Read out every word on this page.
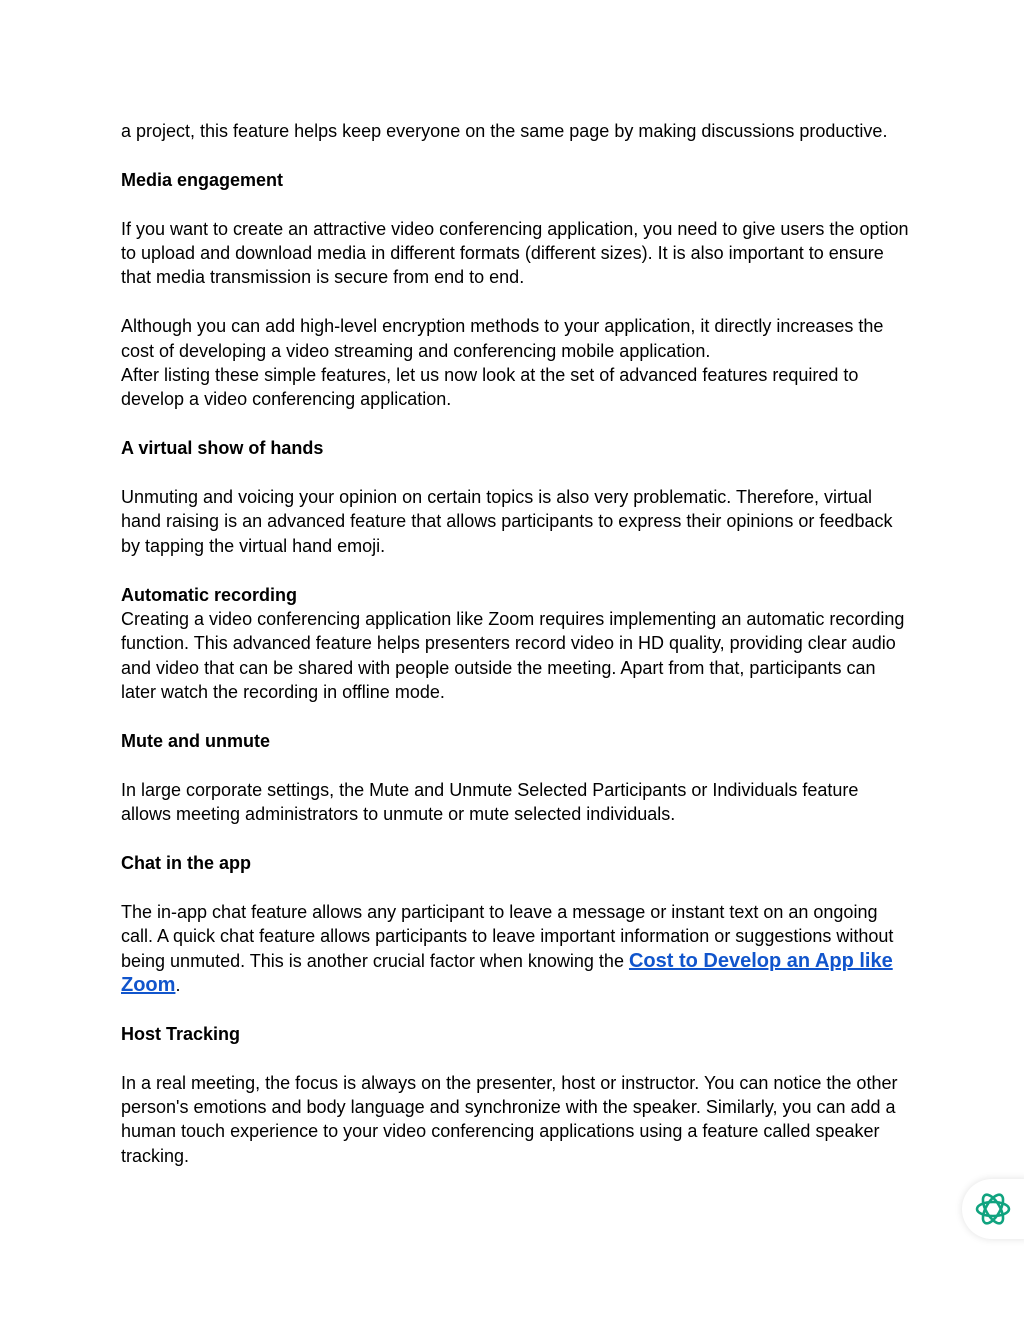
a project, this feature helps keep everyone on the same page by making discussions productive.

Media engagement

If you want to create an attractive video conferencing application, you need to give users the option to upload and download media in different formats (different sizes). It is also important to ensure that media transmission is secure from end to end.

Although you can add high-level encryption methods to your application, it directly increases the cost of developing a video streaming and conferencing mobile application.

After listing these simple features, let us now look at the set of advanced features required to develop a video conferencing application.

A virtual show of hands

Unmuting and voicing your opinion on certain topics is also very problematic. Therefore, virtual hand raising is an advanced feature that allows participants to express their opinions or feedback by tapping the virtual hand emoji.

Automatic recording

Creating a video conferencing application like Zoom requires implementing an automatic recording function. This advanced feature helps presenters record video in HD quality, providing clear audio and video that can be shared with people outside the meeting. Apart from that, participants can later watch the recording in offline mode.

Mute and unmute

In large corporate settings, the Mute and Unmute Selected Participants or Individuals feature allows meeting administrators to unmute or mute selected individuals.

Chat in the app

The in-app chat feature allows any participant to leave a message or instant text on an ongoing call. A quick chat feature allows participants to leave important information or suggestions without being unmuted. This is another crucial factor when knowing the Cost to Develop an App like Zoom.

Host Tracking

In a real meeting, the focus is always on the presenter, host or instructor. You can notice the other person's emotions and body language and synchronize with the speaker. Similarly, you can add a human touch experience to your video conferencing applications using a feature called speaker tracking.
